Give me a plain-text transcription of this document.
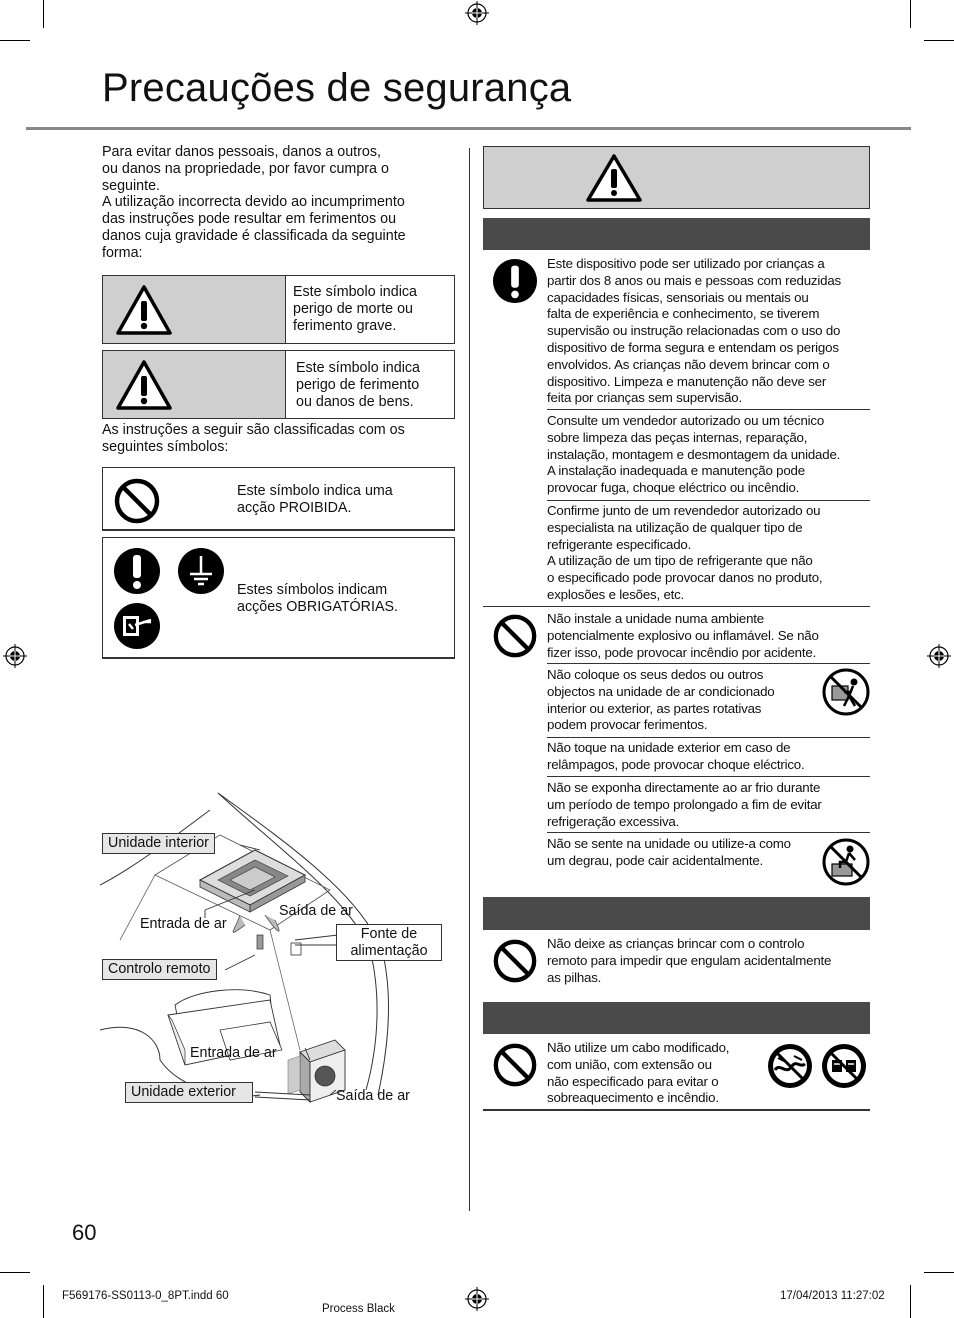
Precauções de segurança
Para evitar danos pessoais, danos a outros,
ou danos na propriedade, por favor cumpra o
seguinte.
A utilização incorrecta devido ao incumprimento
das instruções pode resultar em ferimentos ou
danos cuja gravidade é classificada da seguinte
forma:
Este símbolo indica
perigo de morte ou
ferimento grave.
Este símbolo indica
perigo de ferimento
ou danos de bens.
As instruções a seguir são classificadas com os
seguintes símbolos:
Este símbolo indica uma
acção PROIBIDA.
Estes símbolos indicam
acções OBRIGATÓRIAS.
Unidade interior
Entrada de ar
Saída de ar
Fonte de
alimentação
Controlo remoto
Entrada de ar
Unidade exterior	Saída de ar
Este dispositivo pode ser utilizado por crianças a
partir dos 8 anos ou mais e pessoas com reduzidas
capacidades físicas, sensoriais ou mentais ou
falta de experiência e conhecimento, se tiverem
supervisão ou instrução relacionadas com o uso do
dispositivo de forma segura e entendam os perigos
envolvidos. As crianças não devem brincar com o
dispositivo. Limpeza e manutenção não deve ser
feita por crianças sem supervisão.
Consulte um vendedor autorizado ou um técnico
sobre limpeza das peças internas, reparação,
instalação, montagem e desmontagem da unidade.
A instalação inadequada e manutenção pode
provocar fuga, choque eléctrico ou incêndio.
Confirme junto de um revendedor autorizado ou
especialista na utilização de qualquer tipo de
refrigerante especificado.
A utilização de um tipo de refrigerante que não
o especificado pode provocar danos no produto,
explosões e lesões, etc.
Não instale a unidade numa ambiente
potencialmente explosivo ou inflamável. Se não
fizer isso, pode provocar incêndio por acidente.
Não coloque os seus dedos ou outros
objectos na unidade de ar condicionado
interior ou exterior, as partes rotativas
podem provocar ferimentos.
Não toque na unidade exterior em caso de
relâmpagos, pode provocar choque eléctrico.
Não se exponha directamente ao ar frio durante
um período de tempo prolongado a fim de evitar
refrigeração excessiva.
Não se sente na unidade ou utilize-a como
um degrau, pode cair acidentalmente.
Não deixe as crianças brincar com o controlo
remoto para impedir que engulam acidentalmente
as pilhas.
Não utilize um cabo modificado,
com união, com extensão ou
não especificado para evitar o
sobreaquecimento e incêndio.
60
F569176-SS0113-0_8PT.indd 60
Process Black
17/04/2013 11:27:02
